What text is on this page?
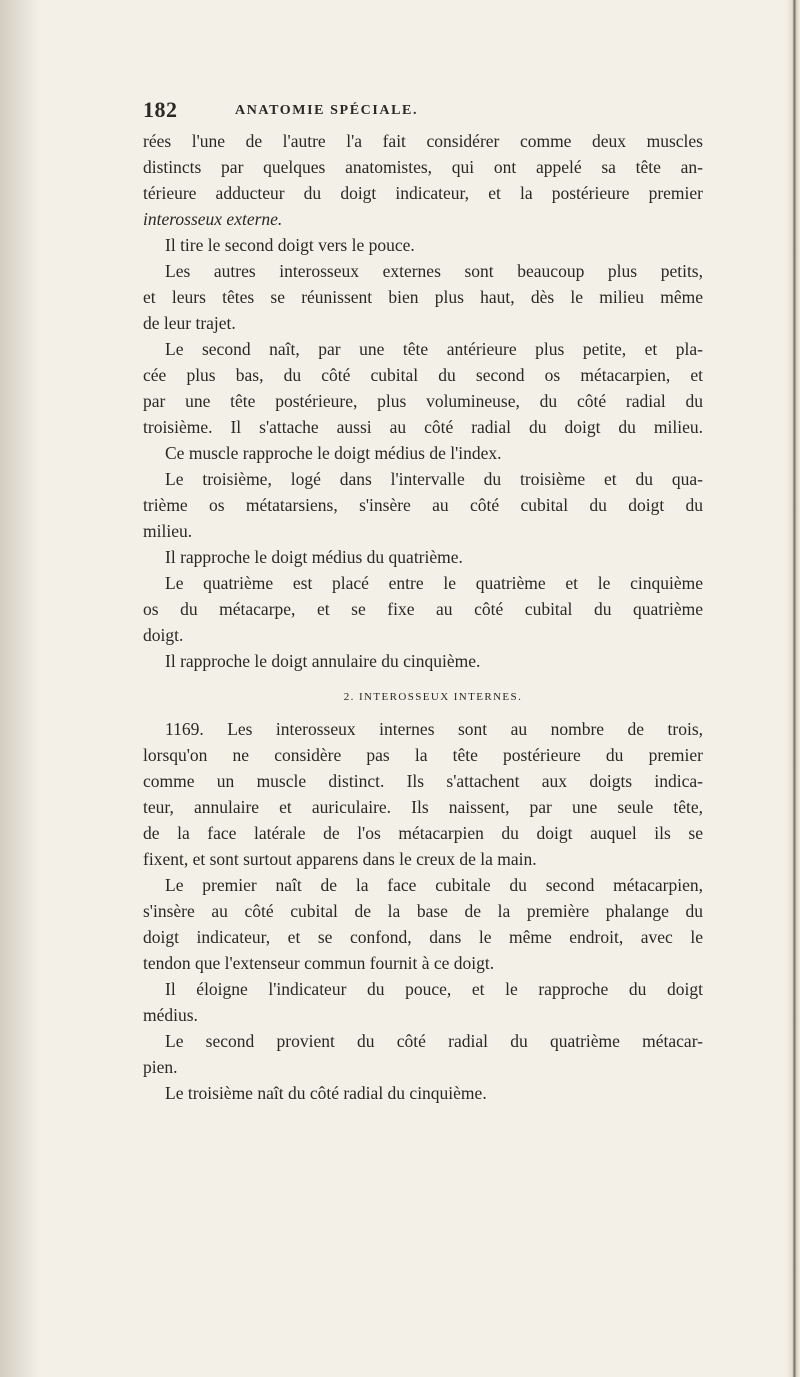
182	ANATOMIE SPÉCIALE.
rées l'une de l'autre l'a fait considérer comme deux muscles
distincts par quelques anatomistes, qui ont appelé sa tête an-
térieure adducteur du doigt indicateur, et la postérieure premier
interosseux externe.
Il tire le second doigt vers le pouce.
Les autres interosseux externes sont beaucoup plus petits,
et leurs têtes se réunissent bien plus haut, dès le milieu même
de leur trajet.
Le second naît, par une tête antérieure plus petite, et pla-
cée plus bas, du côté cubital du second os métacarpien, et
par une tête postérieure, plus volumineuse, du côté radial du
troisième. Il s'attache aussi au côté radial du doigt du milieu.
Ce muscle rapproche le doigt médius de l'index.
Le troisième, logé dans l'intervalle du troisième et du qua-
trième os métatarsiens, s'insère au côté cubital du doigt du
milieu.
Il rapproche le doigt médius du quatrième.
Le quatrième est placé entre le quatrième et le cinquième
os du métacarpe, et se fixe au côté cubital du quatrième
doigt.
Il rapproche le doigt annulaire du cinquième.
2. INTEROSSEUX INTERNES.
1169. Les interosseux internes sont au nombre de trois,
lorsqu'on ne considère pas la tête postérieure du premier
comme un muscle distinct. Ils s'attachent aux doigts indica-
teur, annulaire et auriculaire. Ils naissent, par une seule tête,
de la face latérale de l'os métacarpien du doigt auquel ils se
fixent, et sont surtout apparens dans le creux de la main.
Le premier naît de la face cubitale du second métacarpien,
s'insère au côté cubital de la base de la première phalange du
doigt indicateur, et se confond, dans le même endroit, avec le
tendon que l'extenseur commun fournit à ce doigt.
Il éloigne l'indicateur du pouce, et le rapproche du doigt
médius.
Le second provient du côté radial du quatrième métacar-
pien.
Le troisième naît du côté radial du cinquième.
